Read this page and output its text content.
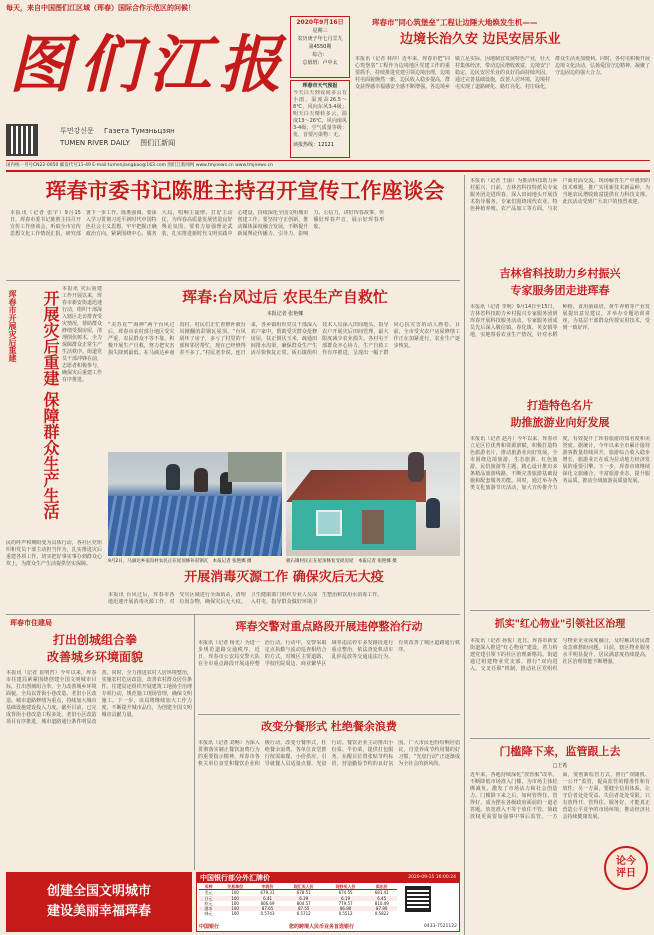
每天，来自中国图们江区域（珲春）国际合作示范区的问候！
图 们 江 报
투먼강신문 Газета Тумэньцзян
TUMEN RIVER DAILY 图们江新闻
2020年9月16日
星期三
农历庚子年七月廿九
第4550期
综合：
总值班：卢中太
珲春市天气预报
今天白天到夜间多云有小雨，温度高26.5～8℃，风向东风3-4级；明天白天晴转多云，温度13～26℃，风向南风3-4级；空气质量等级：优，首要污染物：无。
读报热线：12121
珲春市"同心筑堡垒"工程让边陲大地焕发生机——
边境长治久安 边民安居乐业
本报讯（记者 林冲）近年来，珲春市把“同心筑堡垒”工程作为边境地区党建工作的重要抓手，持续推进党建引领边境治理，边境村屯面貌焕然一新，边民收入稳步提高，群众获得感幸福感安全感不断增强。各边境乡镇立足实际，因地制宜发展特色产业，壮大村集体经济，带动边民增收致富，边境安宁稳定、边民安居乐业的良好局面持续巩固。通过完善基础设施，改善人居环境，边境村屯实现了道路硬化、路灯亮化、村庄绿化，群众生活更加便利。同时，各村屯积极开展边境文化活动，弘扬爱国守边精神，凝聚了守边固边的强大合力。
国内统一刊号CN22-0050 邮发代号11-49 E-mail:tumenjiangbao@163.com 图们江新闻网 www.tmjnews.cn www.tmjnews.cn
珲春市委书记陈胜主持召开宣传工作座谈会
本报讯（记者 张宇）9月15日，珲春市委书记陈胜主持召开宣传工作座谈会，听取全市宣传思想文化工作情况汇报，研究部署下一步工作。陈胜强调，要深入学习贯彻习近平新时代中国特色社会主义思想，牢牢把握正确政治方向，紧紧围绕中心、服务大局，唱响主旋律、打好主动仗，为珲春高质量发展营造良好舆论氛围。要着力加强理论武装，扎实推进新时代文明实践中心建设，持续深化全国文明城市创建工作。要坚持守正创新，推动媒体深度融合发展，不断提升新闻舆论传播力、引导力、影响力、公信力，讲好珲春故事，传播好珲春声音，展示好珲春形象。
本报讯（记者 王丽）为推动科技助力乡村振兴，日前，吉林省科技特派员专家服务团走进珲春，深入田间地头开展技术指导服务。专家们围绕现代农业、特色种植养殖、农产品加工等方面，与农户面对面交流，现场解答生产中遇到的技术难题，推广实用新技术新品种，为当地农民增收致富提供有力科技支撑。此次活动受到广大农户的热烈欢迎。
吉林省科技助力乡村振兴
专家服务团走进珲春
本报讯（记者 李明）9月14日至15日，吉林省科技助力乡村振兴专家服务团到珲春开展科技服务活动。专家服务团成员先后深入敬信镇、春化镇、英安镇等地，实地察看农业生产情况，针对水稻种植、食用菌栽培、黄牛养殖等产业发展提出意见建议，并举办专题培训讲座，为基层干部群众传授实用技术，受到一致好评。
打造特色名片
助推旅游业向好发展
本报讯（记者 赵丹）今年以来，珲春市立足区位优势和资源禀赋，积极打造特色旅游名片，推动旅游业向好发展。全市围绕边境旅游、生态旅游、红色旅游、民俗旅游等主题，精心设计推出多条精品旅游线路，不断完善旅游基础设施和配套服务功能。同时，通过举办各类文化旅游节庆活动，加大宣传推介力度，有效提升了珲春旅游的知名度和美誉度。据统计，今年以来全市累计接待游客数量持续回升，旅游综合收入稳步增长，旅游业正在成为拉动地方经济发展的重要引擎。下一步，珲春市将继续深化文旅融合，丰富旅游业态，提升服务品质，推动全域旅游高质量发展。
抓实"红心物业"引领社区治理
本报讯（记者 孙悦）近日，珲春市新安街道深入推进“红心物业”建设，着力构建党建引领下的社区治理新格局。街道通过组建物业党支部、推行“双向进入、交叉任职”机制，推动社区党组织与物业企业深度融合，及时解决居民群众急难愁盼问题。目前，辖区物业服务水平明显提升，居民满意度持续提高，社区治理效能不断增强。
门槛降下来，监管跟上去
□王希
近年来，各地持续深化“放管服”改革，不断降低市场准入门槛，为市场主体松绑减负，激发了市场活力和社会创造力。门槛降下来之后，如何管得住、管得好，成为摆在各级政府面前的一道必答题。放宽准入不等于放任不管，简政放权更需要加强事中事后监管。一方面，要创新监管方式，推行“双随机、一公开”监管，提高监管的精准性和有效性；另一方面，要健全信用体系，让守信者处处受益、失信者处处受限。只有放得开、管得住、服务好，才能真正营造公平竞争的市场环境，推动经济社会持续健康发展。
论今评日
珲春市开展灾后重建	开展灾后重建 保障群众生产生活
本报讯 灾后重建工作开展以来，珲春市新安街道迅速行动，组织干部深入辖区走访排查受灾情况，帮助群众修缮受损房屋，清理倒伏树木，全力保障群众正常生产生活秩序。街道党员干部冲锋在前，志愿者积极参与，确保灾后重建工作有序推进。
民的呼声和期盼变为具体行动，各社区党组织和党员干部主动担当作为，扎实推进灾后重建各项工作，切实把好事实事办到群众心坎上，为群众生产生活提供坚实保障。
珲春:台风过后 农民生产自救忙
本报记者 张艳娜
“美苏克”“海神”两个台风过后，珲春市农村部分地区受灾严重，农民群众不等不靠，积极开展生产自救，努力把灾害损失降到最低。在马滴达乡南沟村，村民们正忙着修补被台风掀翻的彩钢瓦屋顶。“台风刮坏了房子，多亏了村里的干部和邻居帮忙，现在已经修得差不多了。”村民老李说。连日来，各乡镇组织党员干部深入农户家中，帮助受灾群众抢修房屋，扶正倒伏玉米，疏通田间排水沟渠，确保群众生产生活尽快恢复正常。板石镇组织技术人员深入田间地头，指导农户开展灾后田间管理，最大限度减少农业损失。各村屯干部群众齐心协力，生产自救工作有序推进，呈现出一幅干群同心抗灾害的动人画卷。目前，全市受灾农户房屋修缮工作正在加紧进行，农业生产逐步恢复。
9月2日，马滴达乡南沟村农民正在屋顶修补彩钢瓦 本报记者 张艳娜 摄	板石镇村民正在屋顶修复受损房屋 本报记者 张艳娜 摄
开展消毒灭源工作 确保灾后无大疫
本报讯 台风过后，珲春市各地迅速开展消毒灭源工作，对受灾区域进行全面消杀，清理垃圾杂物，确保灾后无大疫。卫生健康部门组织专业人员深入村屯，指导群众做好环境卫生整治和饮用水消毒工作。
珲春市住建局
打出创城组合拳
改善城乡环境面貌
本报讯（记者 崔明哲）今年以来，珲春市住建局紧紧围绕创建全国文明城市目标，打出创城组合拳，全力改善城乡环境面貌。全局以背街小巷改造、老旧小区改造、城市道路修缮为重点，持续加大城市基础设施建设投入力度。截至目前，已完成背街小巷改造工程多处，老旧小区改造项目有序推进，城市道路通行条件明显改善。同时，全力推进农村人居环境整治，实施农村危房改造，改善农村群众居住条件。住建局还组织开展建筑工地扬尘治理专项行动，规范施工现场管理，确保文明施工。下一步，该局将继续加大工作力度，不断提升城市品位，为创建全国文明城市贡献力量。
珲春交警对重点路段开展违停整治行动
本报讯（记者 杨光）为进一步规范道路交通秩序，近日，珲春市公安局交警大队在全市重点路段开展违停整治行动。行动中，交警采取定点执勤与流动巡查相结合的方式，对城区主要道路、学校医院周边、商业繁华区域等违法停车多发路段进行重点整治，依法查处机动车乱停乱放等交通违法行为，有效改善了城区道路通行秩序。
改变分餐形式 杜绝餐余浪费
本报讯（记者 刘畅）为深入贯彻落实制止餐饮浪费行为的重要指示精神，珲春市各机关单位食堂和餐饮企业积极行动，改变分餐形式，杜绝餐余浪费。各单位食堂推行按需取餐、小份供应，引导就餐人员适量点餐、光盘行动。餐饮企业主动推出小份菜、半份菜，提供打包服务，在醒目位置张贴节约标语，营造勤俭节约的良好氛围。广大市民也纷纷响应倡议，自觉养成节约用餐的好习惯，“光盘行动”正逐渐成为全社会的新风尚。
创建全国文明城市
建设美丽幸福珲春
中国银行部分外汇牌价	2020-09-15 16:00:24
币种	交易单位	中间价	现汇买入价	现钞买入价	卖出价
美元	100	679.31	678.51	674.55	681.41
日元	100	6.41	6.39	6.19	6.45
欧元	100	806.69	804.57	779.57	810.49
港币	100	87.65	87.55	86.80	87.90
韩元	100	0.5743	0.5712	0.5512	0.5822
中国银行	您的跨境人民币业务首选银行	0433-7521122
